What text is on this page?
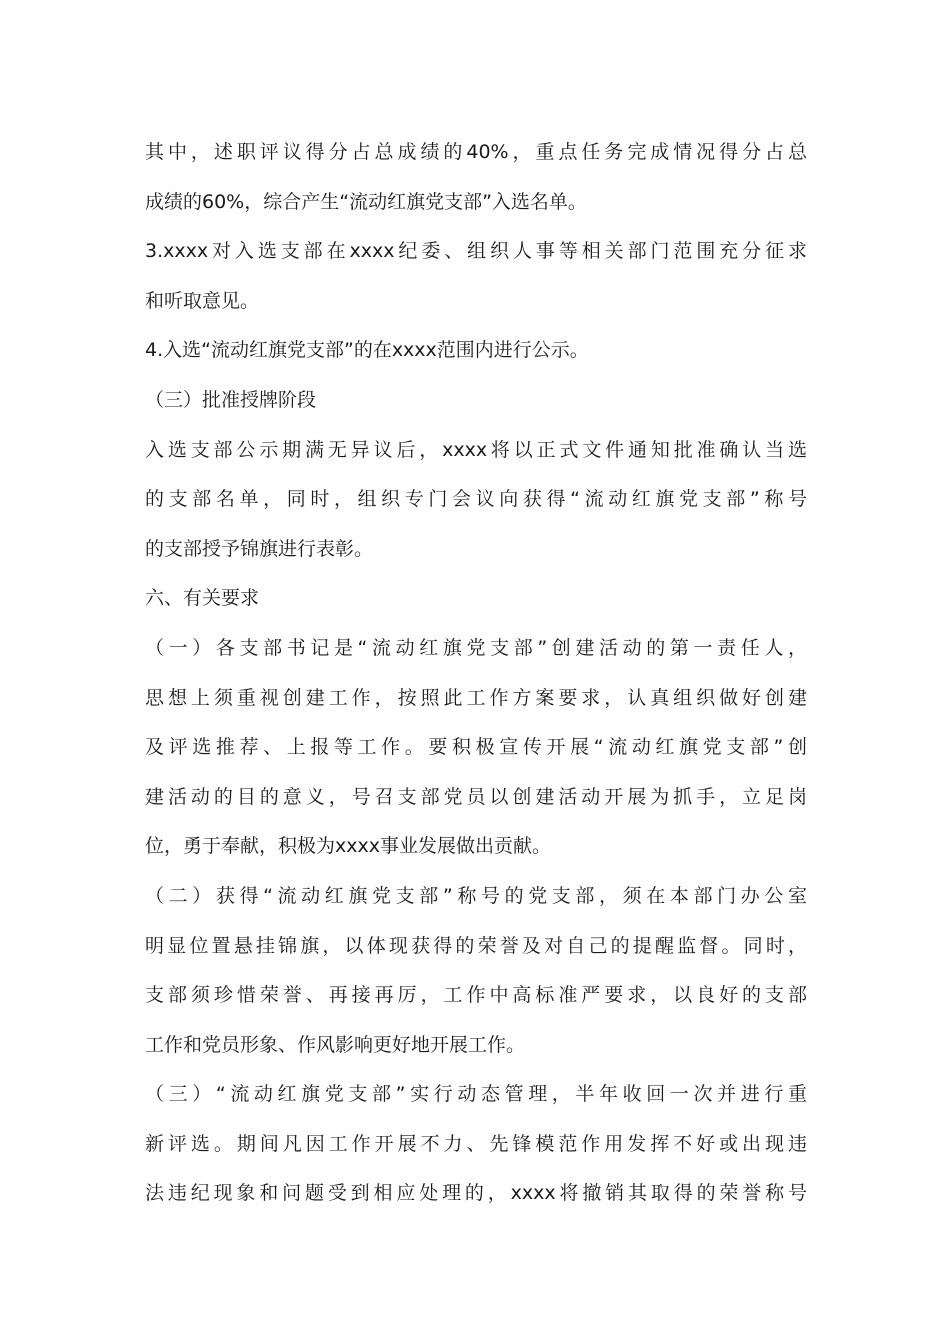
其中，述职评议得分占总成绩的40%，重点任务完成情况得分占总
成绩的60%，综合产生“流动红旗党支部”入选名单。
3.xxxx对入选支部在xxxx纪委、组织人事等相关部门范围充分征求
和听取意见。
4.入选“流动红旗党支部”的在xxxx范围内进行公示。
（三）批准授牌阶段
入选支部公示期满无异议后，xxxx将以正式文件通知批准确认当选
的支部名单，同时，组织专门会议向获得“流动红旗党支部”称号
的支部授予锦旗进行表彰。
六、有关要求
（一）各支部书记是“流动红旗党支部”创建活动的第一责任人，
思想上须重视创建工作，按照此工作方案要求，认真组织做好创建
及评选推荐、上报等工作。要积极宣传开展“流动红旗党支部”创
建活动的目的意义，号召支部党员以创建活动开展为抓手，立足岗
位，勇于奉献，积极为xxxx事业发展做出贡献。
（二）获得“流动红旗党支部”称号的党支部，须在本部门办公室
明显位置悬挂锦旗，以体现获得的荣誉及对自己的提醒监督。同时，
支部须珍惜荣誉、再接再厉，工作中高标准严要求，以良好的支部
工作和党员形象、作风影响更好地开展工作。
（三）“流动红旗党支部”实行动态管理，半年收回一次并进行重
新评选。期间凡因工作开展不力、先锋模范作用发挥不好或出现违
法违纪现象和问题受到相应处理的，xxxx将撤销其取得的荣誉称号
